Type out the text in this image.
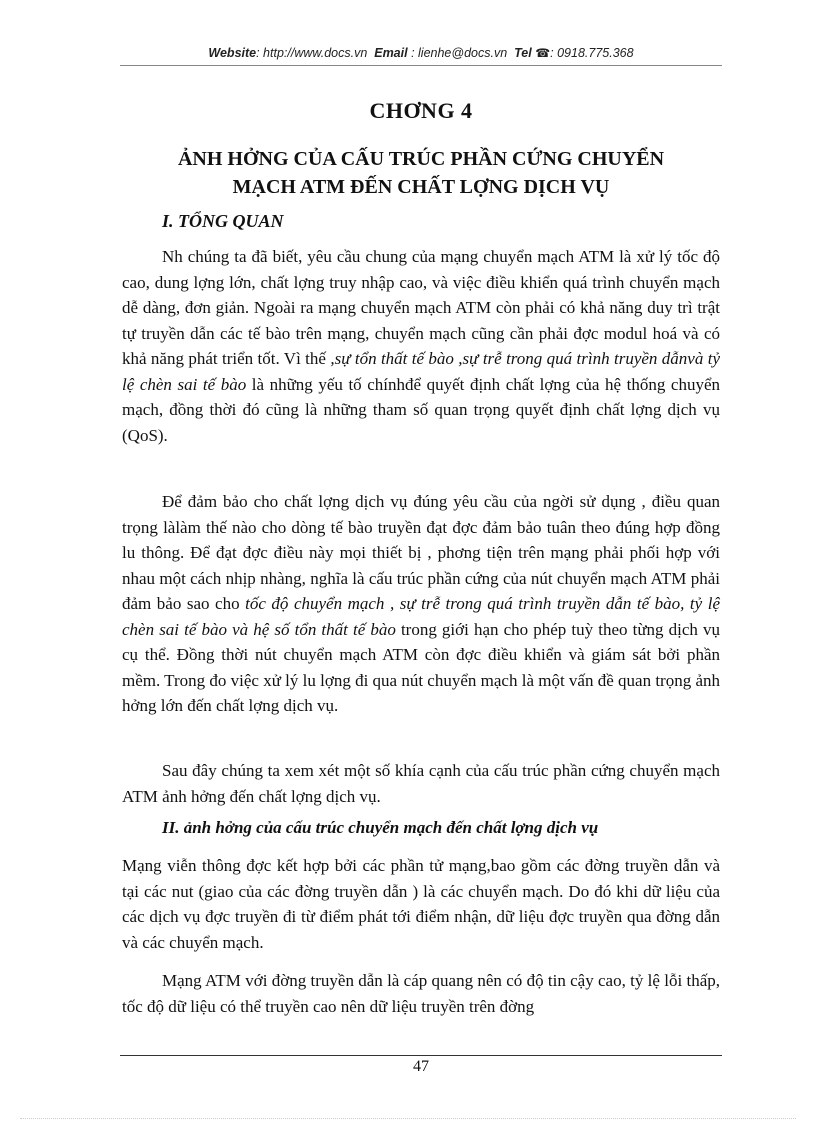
Website: http://www.docs.vn Email : lienhe@docs.vn Tel ☎: 0918.775.368
CHƠNG 4
ẢNH HỞNG CỦA CẤU TRÚC PHẦN CỨNG CHUYỂN
MẠCH ATM ĐẾN CHẤT LỢNG DỊCH VỤ
I. TỔNG QUAN

Nh chúng ta đã biết, yêu cầu chung của mạng chuyển mạch ATM là xử lý tốc độ cao, dung lợng lớn, chất lợng truy nhập cao, và việc điều khiển quá trình chuyển mạch dễ dàng, đơn giản. Ngoài ra mạng chuyển mạch ATM còn phải có khả năng duy trì trật tự truyền dẫn các tế bào trên mạng, chuyển mạch cũng cần phải đợc modul hoá và có khả năng phát triển tốt. Vì thế ,sự tổn thất tế bào ,sự trễ trong quá trình truyền dẫnvà tỷ lệ chèn sai tế bào là những yếu tố chínhđể quyết định chất lợng của hệ thống chuyển mạch, đồng thời đó cũng là những tham số quan trọng quyết định chất lợng dịch vụ (QoS).

Để đảm bảo cho chất lợng dịch vụ đúng yêu cầu của ngời sử dụng , điều quan trọng làlàm thế nào cho dòng tế bào truyền đạt đợc đảm bảo tuân theo đúng hợp đồng lu thông. Để đạt đợc điều này mọi thiết bị , phơng tiện trên mạng phải phối hợp với nhau một cách nhịp nhàng, nghĩa là cấu trúc phần cứng của nút chuyển mạch ATM phải đảm bảo sao cho tốc độ chuyển mạch , sự trễ trong quá trình truyền dẫn tế bào, tỷ lệ chèn sai tế bào và hệ số tổn thất tế bào trong giới hạn cho phép tuỳ theo từng dịch vụ cụ thể. Đồng thời nút chuyển mạch ATM còn đợc điều khiển và giám sát bởi phần mềm. Trong đo việc xử lý lu lợng đi qua nút chuyển mạch là một vấn đề quan trọng ảnh hởng lớn đến chất lợng dịch vụ.

Sau đây chúng ta xem xét một số khía cạnh của cấu trúc phần cứng chuyển mạch ATM ảnh hởng đến chất lợng dịch vụ.

II. ảnh hởng của cấu trúc chuyển mạch đến chất lợng dịch vụ

Mạng viễn thông đợc kết hợp bởi các phần tử mạng,bao gồm các đờng truyền dẫn và tại các nut (giao của các đờng truyền dẫn ) là các chuyển mạch. Do đó khi dữ liệu của các dịch vụ đợc truyền đi từ điểm phát tới điểm nhận, dữ liệu đợc truyền qua đờng dẫn và các chuyển mạch.

Mạng ATM với đờng truyền dẫn là cáp quang nên có độ tin cậy cao, tỷ lệ lỗi thấp, tốc độ dữ liệu có thể truyền cao nên dữ liệu truyền trên đờng

47
